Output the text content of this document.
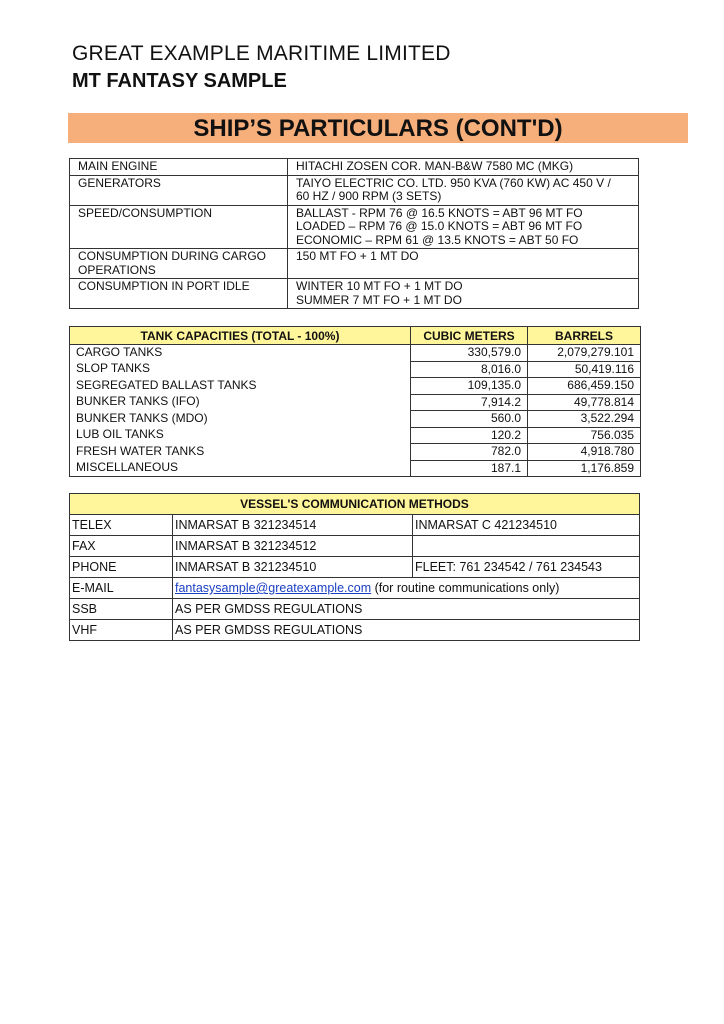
GREAT EXAMPLE MARITIME LIMITED
MT FANTASY SAMPLE
SHIP’S PARTICULARS (CONT'D)
MAIN ENGINE	HITACHI ZOSEN COR. MAN-B&W 7580 MC (MKG)

GENERATORS	TAIYO ELECTRIC CO. LTD. 950 KVA (760 KW) AC 450 V /
60 HZ / 900 RPM (3 SETS)

SPEED/CONSUMPTION	BALLAST - RPM 76 @ 16.5 KNOTS = ABT 96 MT FO
LOADED – RPM 76 @ 15.0 KNOTS = ABT 96 MT FO
ECONOMIC – RPM 61 @ 13.5 KNOTS = ABT 50 FO

CONSUMPTION DURING CARGO OPERATIONS	150 MT FO + 1 MT DO

CONSUMPTION IN PORT IDLE	WINTER 10 MT FO + 1 MT DO
SUMMER 7 MT FO + 1 MT DO
TANK CAPACITIES (TOTAL - 100%)	CUBIC METERS	BARRELS
CARGO TANKS	330,579.0	2,079,279.101
SLOP TANKS	8,016.0	50,419.116
SEGREGATED BALLAST TANKS	109,135.0	686,459.150
BUNKER TANKS (IFO)	7,914.2	49,778.814
BUNKER TANKS (MDO)	560.0	3,522.294
LUB OIL TANKS	120.2	756.035
FRESH WATER TANKS	782.0	4,918.780
MISCELLANEOUS	187.1	1,176.859
VESSEL'S COMMUNICATION METHODS		
TELEX	INMARSAT B 321234514	INMARSAT C 421234510
FAX	INMARSAT B 321234512	
PHONE	INMARSAT B 321234510	FLEET: 761 234542 / 761 234543
E-MAIL	fantasysample@greatexample.com (for routine communications only)	
SSB	AS PER GMDSS REGULATIONS	
VHF	AS PER GMDSS REGULATIONS	
